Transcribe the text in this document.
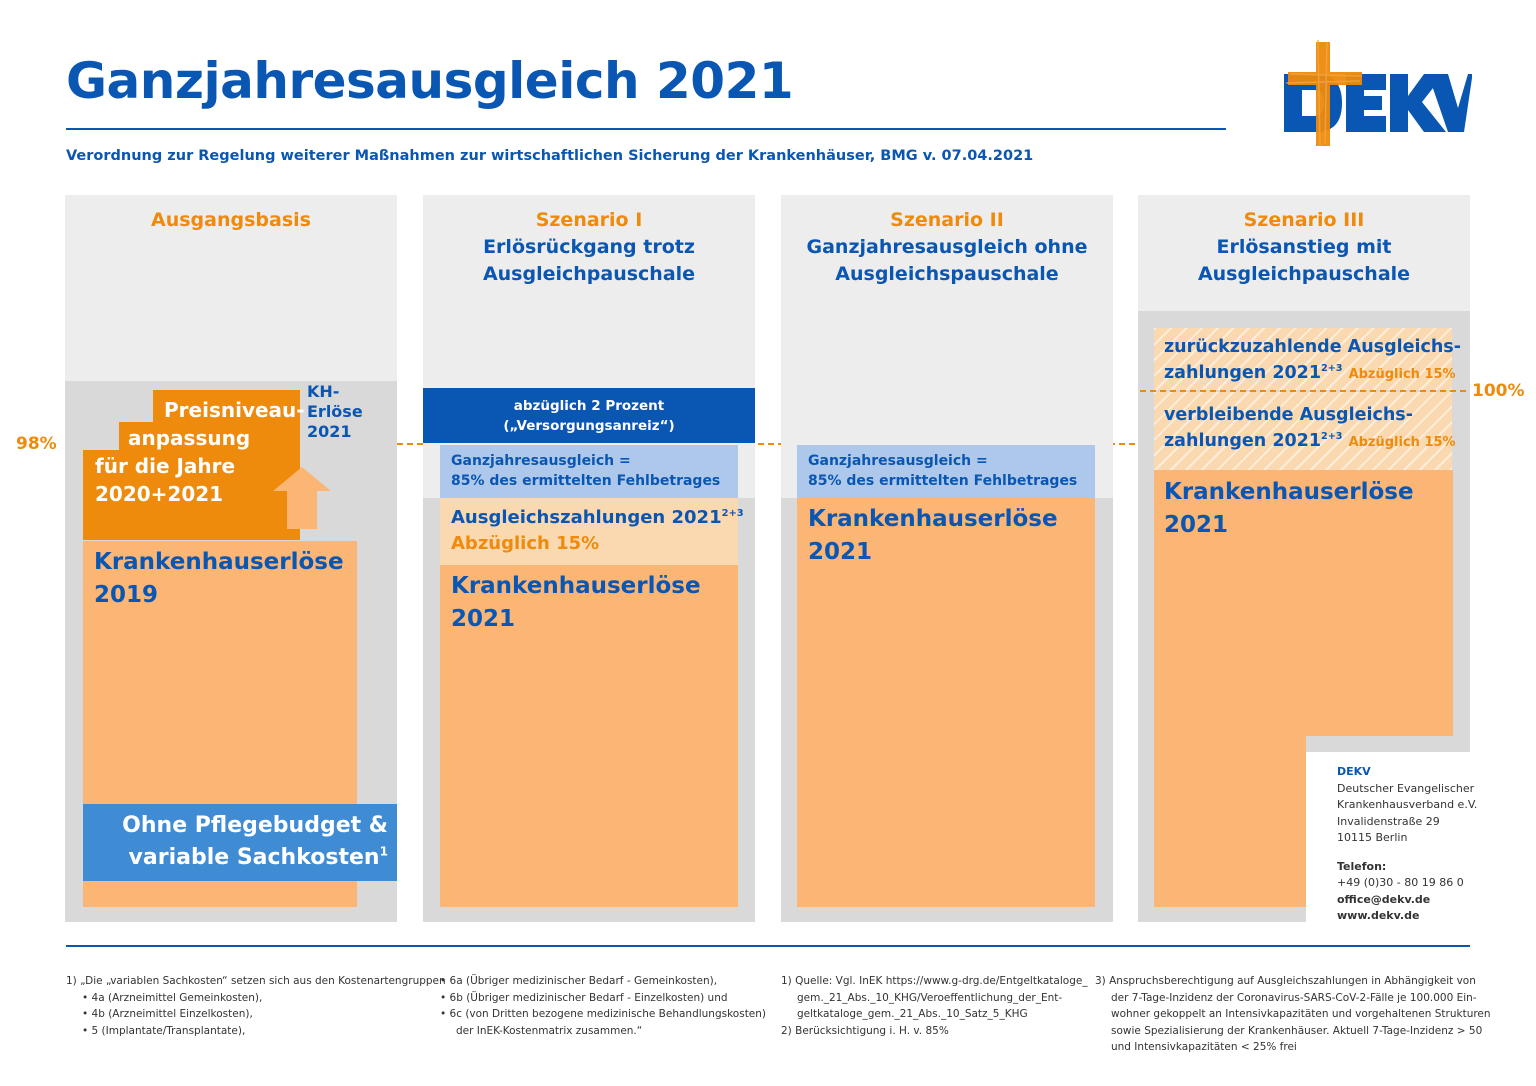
Ganzjahresausgleich 2021
Verordnung zur Regelung weiterer Maßnahmen zur wirtschaftlichen Sicherung der Krankenhäuser, BMG v. 07.04.2021
98%
Ausgangsbasis
Preisniveau-
anpassung
für die Jahre
2020+2021
KH-
Erlöse
2021
Krankenhauserlöse
2019
Ohne Pflegebudget &
variable Sachkosten$^1$
Szenario I
Erlösrückgang trotz
Ausgleichpauschale
abzüglich 2 Prozent
(„Versorgungsanreiz“)
Ganzjahresausgleich =
85% des ermittelten Fehlbetrages
Ausgleichszahlungen $2021^{2+3}$
Abzüglich 15%
Krankenhauserlöse
2021
Szenario II
Ganzjahresausgleich ohne
Ausgleichspauschale
Ganzjahresausgleich =
85% des ermittelten Fehlbetrages
Krankenhauserlöse
2021
Szenario III
Erlösanstieg mit
Ausgleichpauschale
zurückzuzahlende Ausgleichs-
zahlungen $2021^{2+3}$ Abzüglich 15%
100%
verbleibende Ausgleichs-
zahlungen $2021^{2+3}$ Abzüglich 15%
Krankenhauserlöse
2021
DEKV
Deutscher Evangelischer
Krankenhausverband e.V.
Invalidenstraße 29
10115 Berlin
Telefon:
+49 (0)30 - 80 19 86 0
office@dekv.de
www.dekv.de
1) „Die „variablen Sachkosten“ setzen sich aus den Kostenartengruppen
• 4a (Arzneimittel Gemeinkosten),
• 4b (Arzneimittel Einzelkosten),
• 5 (Implantate/Transplantate),
• 6a (Übriger medizinischer Bedarf - Gemeinkosten),
• 6b (Übriger medizinischer Bedarf - Einzelkosten) und
• 6c (von Dritten bezogene medizinische Behandlungskosten)
der InEK-Kostenmatrix zusammen.“
1) Quelle: Vgl. InEK https://www.g-drg.de/Entgeltkataloge_
gem._21_Abs._10_KHG/Veroeffentlichung_der_Ent-
geltkataloge_gem._21_Abs._10_Satz_5_KHG
2) Berücksichtigung i. H. v. 85%
3) Anspruchsberechtigung auf Ausgleichszahlungen in Abhängigkeit von
der 7-Tage-Inzidenz der Coronavirus-SARS-CoV-2-Fälle je 100.000 Ein-
wohner gekoppelt an Intensivkapazitäten und vorgehaltenen Strukturen
sowie Spezialisierung der Krankenhäuser. Aktuell 7-Tage-Inzidenz > 50
und Intensivkapazitäten < 25% frei
